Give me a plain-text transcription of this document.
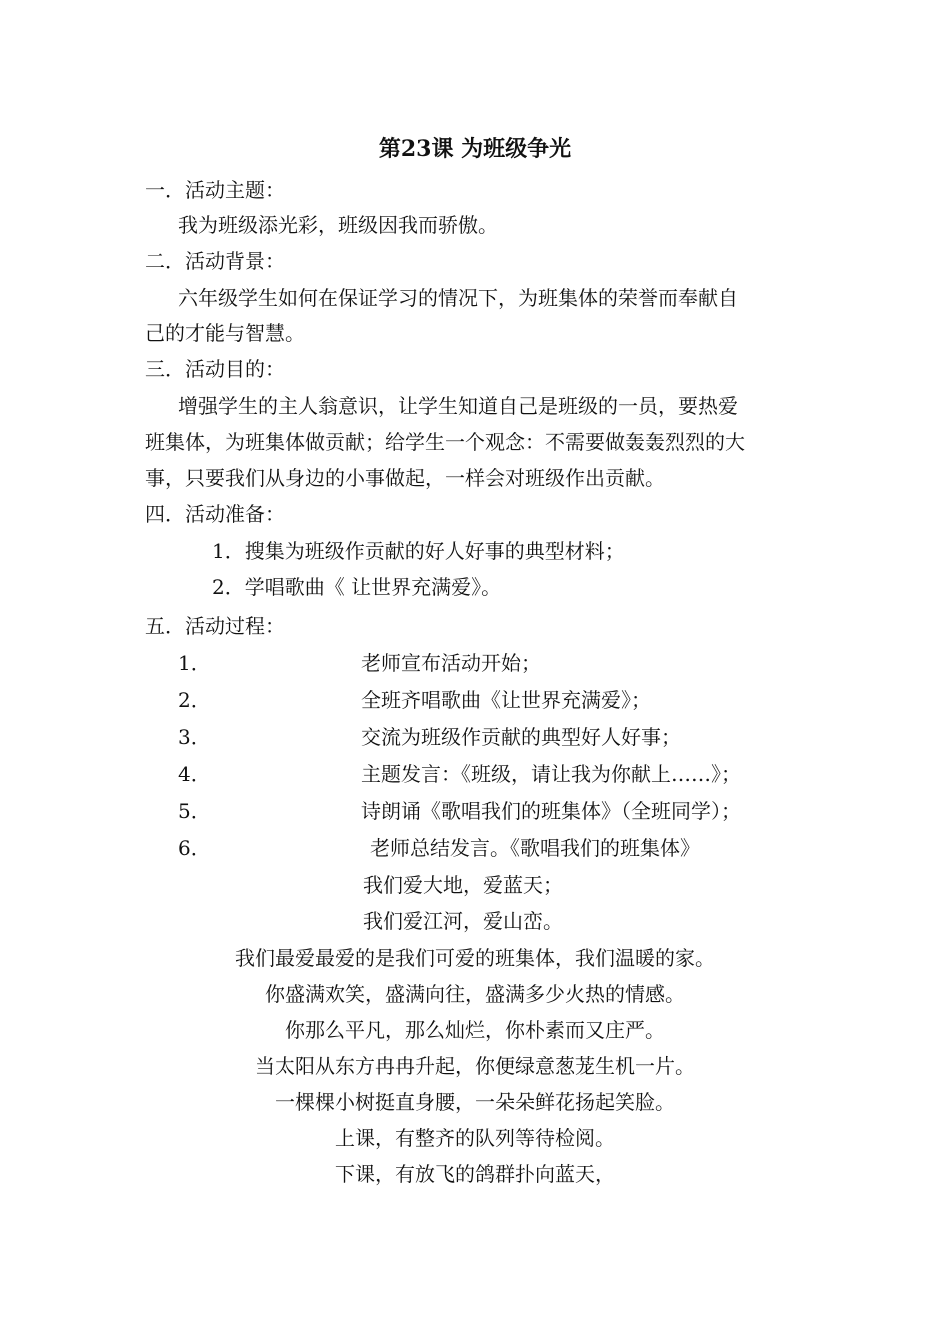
第23课 为班级争光
一．活动主题：
我为班级添光彩，班级因我而骄傲。
二．活动背景：
六年级学生如何在保证学习的情况下，为班集体的荣誉而奉献自
己的才能与智慧。
三．活动目的：
增强学生的主人翁意识，让学生知道自己是班级的一员，要热爱
班集体，为班集体做贡献；给学生一个观念：不需要做轰轰烈烈的大
事，只要我们从身边的小事做起，一样会对班级作出贡献。
四．活动准备：
1．搜集为班级作贡献的好人好事的典型材料；
2．学唱歌曲《 让世界充满爱》。
五．活动过程：
1．	老师宣布活动开始；
2．	全班齐唱歌曲《让世界充满爱》；
3．	交流为班级作贡献的典型好人好事；
4．	主题发言：《班级，请让我为你献上……》；
5．	诗朗诵《歌唱我们的班集体》（全班同学）；
6．	老师总结发言。《歌唱我们的班集体》
我们爱大地，爱蓝天；
我们爱江河，爱山峦。
我们最爱最爱的是我们可爱的班集体，我们温暖的家。
你盛满欢笑，盛满向往，盛满多少火热的情感。
你那么平凡，那么灿烂，你朴素而又庄严。
当太阳从东方冉冉升起，你便绿意葱茏生机一片。
一棵棵小树挺直身腰，一朵朵鲜花扬起笑脸。
上课，有整齐的队列等待检阅。
下课，有放飞的鸽群扑向蓝天，
